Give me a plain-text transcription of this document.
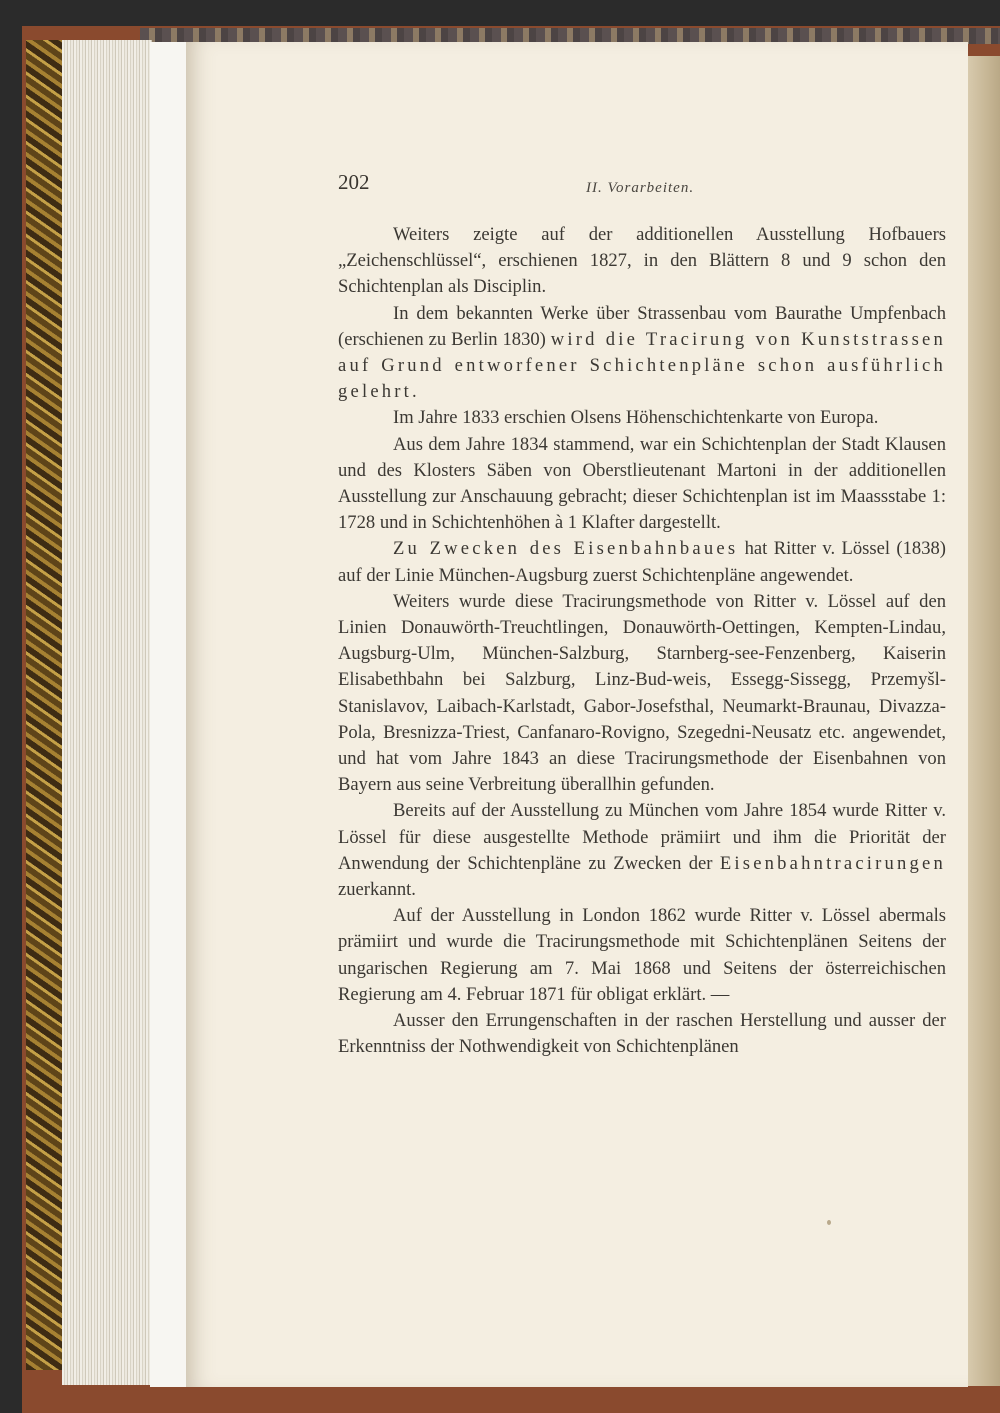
202	II. Vorarbeiten.

Weiters zeigte auf der additionellen Ausstellung Hofbauers „Zeichenschlüssel“, erschienen 1827, in den Blättern 8 und 9 schon den Schichtenplan als Disciplin.

In dem bekannten Werke über Strassenbau vom Baurathe Umpfenbach (erschienen zu Berlin 1830) wird die Tracirung von Kunststrassen auf Grund entworfener Schichtenpläne schon ausführlich gelehrt.

Im Jahre 1833 erschien Olsens Höhenschichtenkarte von Europa.

Aus dem Jahre 1834 stammend, war ein Schichtenplan der Stadt Klausen und des Klosters Säben von Oberstlieutenant Martoni in der additionellen Ausstellung zur Anschauung gebracht; dieser Schichtenplan ist im Maassstabe 1: 1728 und in Schichtenhöhen à 1 Klafter dargestellt.

Zu Zwecken des Eisenbahnbaues hat Ritter v. Lössel (1838) auf der Linie München-Augsburg zuerst Schichtenpläne angewendet.

Weiters wurde diese Tracirungsmethode von Ritter v. Lössel auf den Linien Donauwörth-Treuchtlingen, Donauwörth-Oettingen, Kempten-Lindau, Augsburg-Ulm, München-Salzburg, Starnberg-see-Fenzenberg, Kaiserin Elisabethbahn bei Salzburg, Linz-Bud-weis, Essegg-Sissegg, Przemyšl-Stanislavov, Laibach-Karlstadt, Gabor-Josefsthal, Neumarkt-Braunau, Divazza-Pola, Bresnizza-Triest, Canfanaro-Rovigno, Szegedni-Neusatz etc. angewendet, und hat vom Jahre 1843 an diese Tracirungsmethode der Eisenbahnen von Bayern aus seine Verbreitung überallhin gefunden.

Bereits auf der Ausstellung zu München vom Jahre 1854 wurde Ritter v. Lössel für diese ausgestellte Methode prämiirt und ihm die Priorität der Anwendung der Schichtenpläne zu Zwecken der Eisenbahntracirungen zuerkannt.

Auf der Ausstellung in London 1862 wurde Ritter v. Lössel abermals prämiirt und wurde die Tracirungsmethode mit Schichtenplänen Seitens der ungarischen Regierung am 7. Mai 1868 und Seitens der österreichischen Regierung am 4. Februar 1871 für obligat erklärt. —

Ausser den Errungenschaften in der raschen Herstellung und ausser der Erkenntniss der Nothwendigkeit von Schichtenplänen
